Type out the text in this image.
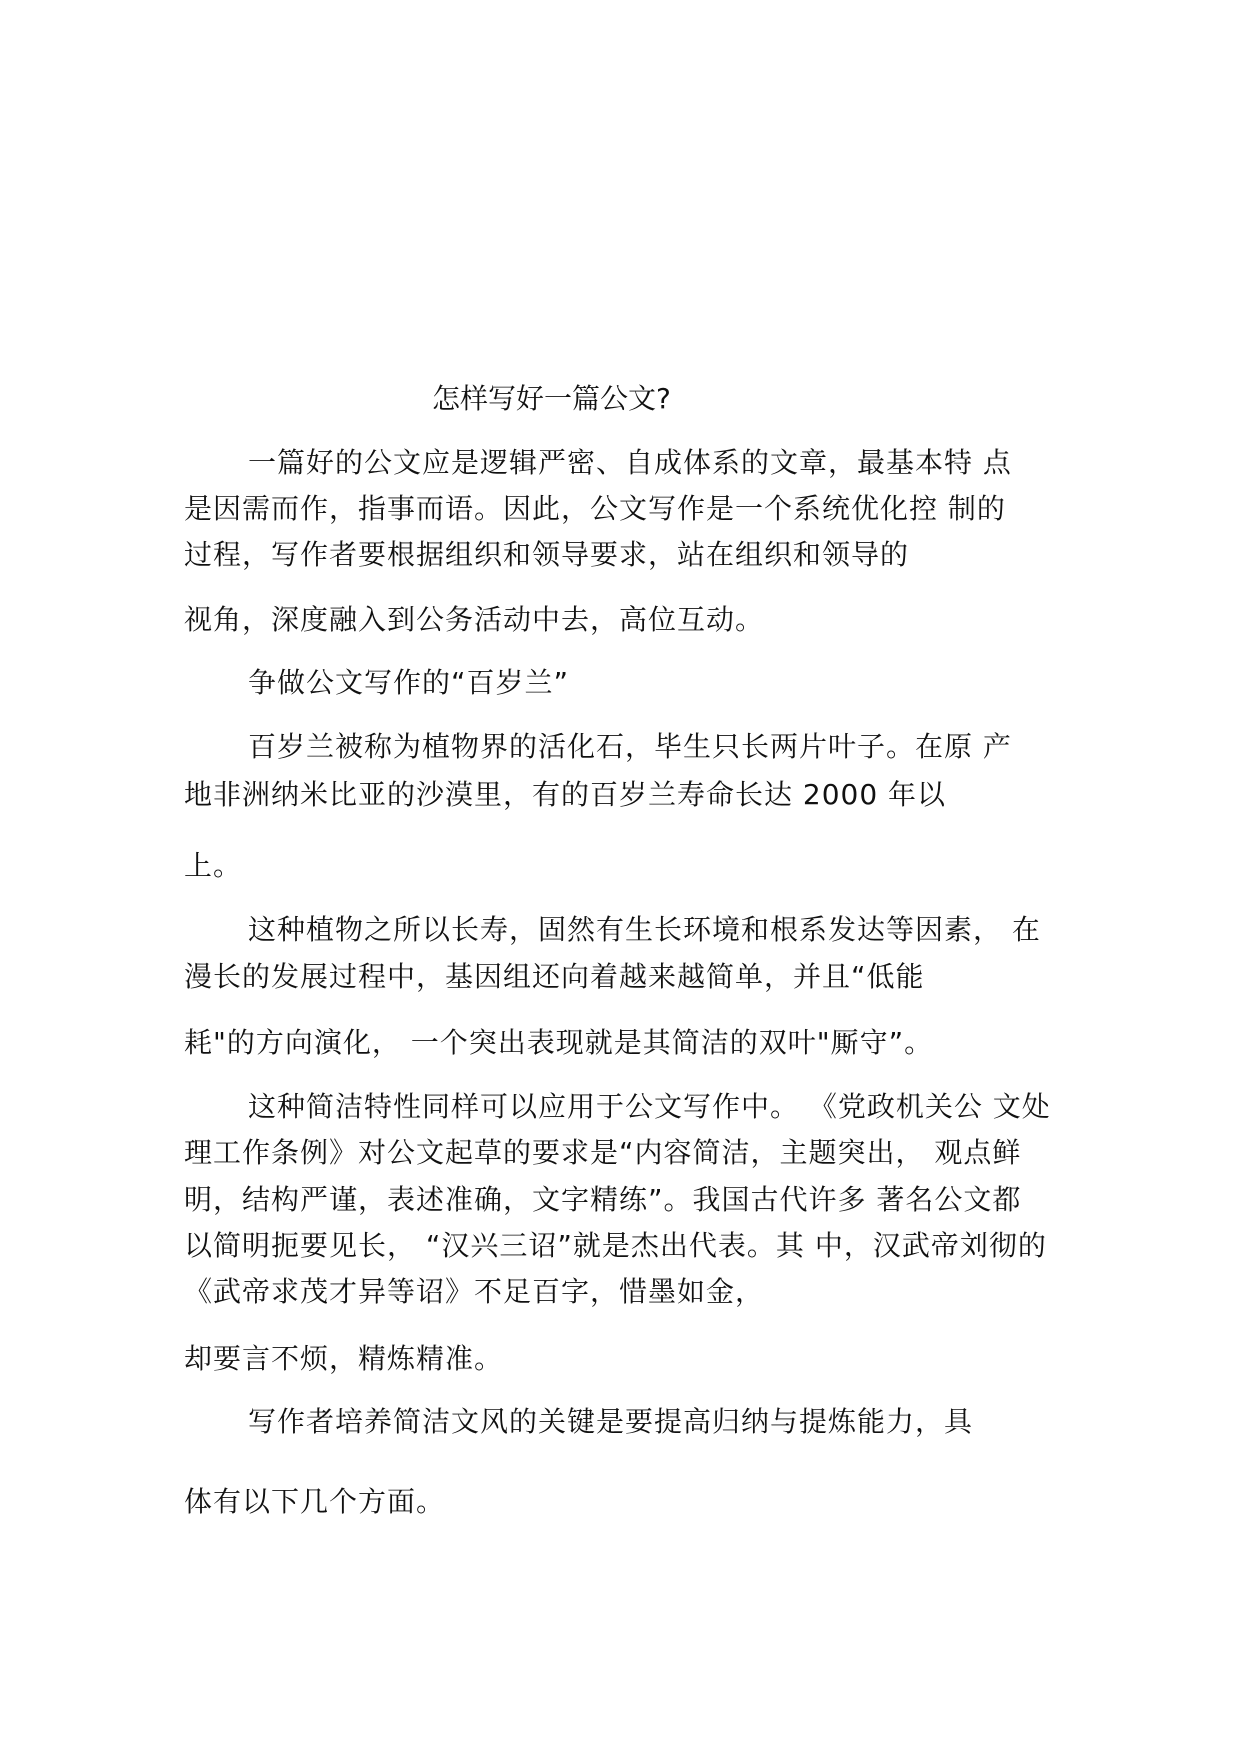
怎样写好一篇公文?
一篇好的公文应是逻辑严密、自成体系的文章，最基本特 点
是因需而作，指事而语。因此，公文写作是一个系统优化控 制的
过程，写作者要根据组织和领导要求，站在组织和领导的
视角，深度融入到公务活动中去，高位互动。
争做公文写作的“百岁兰”
百岁兰被称为植物界的活化石，毕生只长两片叶子。在原 产
地非洲纳米比亚的沙漠里，有的百岁兰寿命长达 2000 年以
上。
这种植物之所以长寿，固然有生长环境和根系发达等因素， 在
漫长的发展过程中，基因组还向着越来越简单，并且“低能
耗"的方向演化， 一个突出表现就是其简洁的双叶"厮守”。
这种简洁特性同样可以应用于公文写作中。 《党政机关公 文处
理工作条例》对公文起草的要求是“内容简洁，主题突出， 观点鲜
明，结构严谨，表述准确，文字精练”。我国古代许多 著名公文都
以简明扼要见长， “汉兴三诏”就是杰出代表。其 中，汉武帝刘彻的
《武帝求茂才异等诏》不足百字，惜墨如金，
却要言不烦，精炼精准。
写作者培养简洁文风的关键是要提高归纳与提炼能力，具
体有以下几个方面。
